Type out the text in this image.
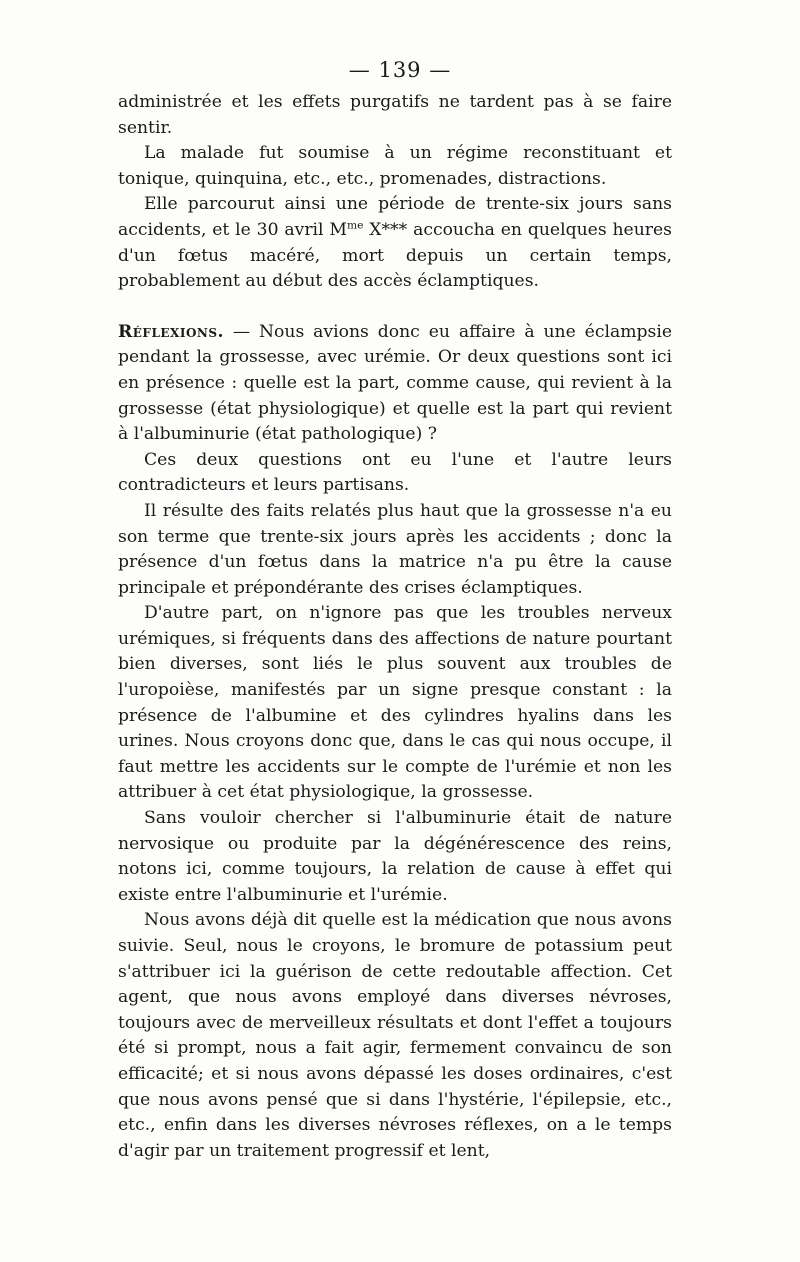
— 139 —

administrée et les effets purgatifs ne tardent pas à se faire sentir.

La malade fut soumise à un régime reconstituant et tonique, quinquina, etc., etc., promenades, distractions.

Elle parcourut ainsi une période de trente-six jours sans accidents, et le 30 avril $M^{me}$ X*** accoucha en quelques heures d'un fœtus macéré, mort depuis un certain temps, probablement au début des accès éclamptiques.

Réflexions. — Nous avions donc eu affaire à une éclampsie pendant la grossesse, avec urémie. Or deux questions sont ici en présence : quelle est la part, comme cause, qui revient à la grossesse (état physiologique) et quelle est la part qui revient à l'albuminurie (état pathologique) ?

Ces deux questions ont eu l'une et l'autre leurs contradicteurs et leurs partisans.

Il résulte des faits relatés plus haut que la grossesse n'a eu son terme que trente-six jours après les accidents ; donc la présence d'un fœtus dans la matrice n'a pu être la cause principale et prépondérante des crises éclamptiques.

D'autre part, on n'ignore pas que les troubles nerveux urémiques, si fréquents dans des affections de nature pourtant bien diverses, sont liés le plus souvent aux troubles de l'uropoièse, manifestés par un signe presque constant : la présence de l'albumine et des cylindres hyalins dans les urines. Nous croyons donc que, dans le cas qui nous occupe, il faut mettre les accidents sur le compte de l'urémie et non les attribuer à cet état physiologique, la grossesse.

Sans vouloir chercher si l'albuminurie était de nature nervosique ou produite par la dégénérescence des reins, notons ici, comme toujours, la relation de cause à effet qui existe entre l'albuminurie et l'urémie.

Nous avons déjà dit quelle est la médication que nous avons suivie. Seul, nous le croyons, le bromure de potassium peut s'attribuer ici la guérison de cette redoutable affection. Cet agent, que nous avons employé dans diverses névroses, toujours avec de merveilleux résultats et dont l'effet a toujours été si prompt, nous a fait agir, fermement convaincu de son efficacité; et si nous avons dépassé les doses ordinaires, c'est que nous avons pensé que si dans l'hystérie, l'épilepsie, etc., etc., enfin dans les diverses névroses réflexes, on a le temps d'agir par un traitement progressif et lent,
